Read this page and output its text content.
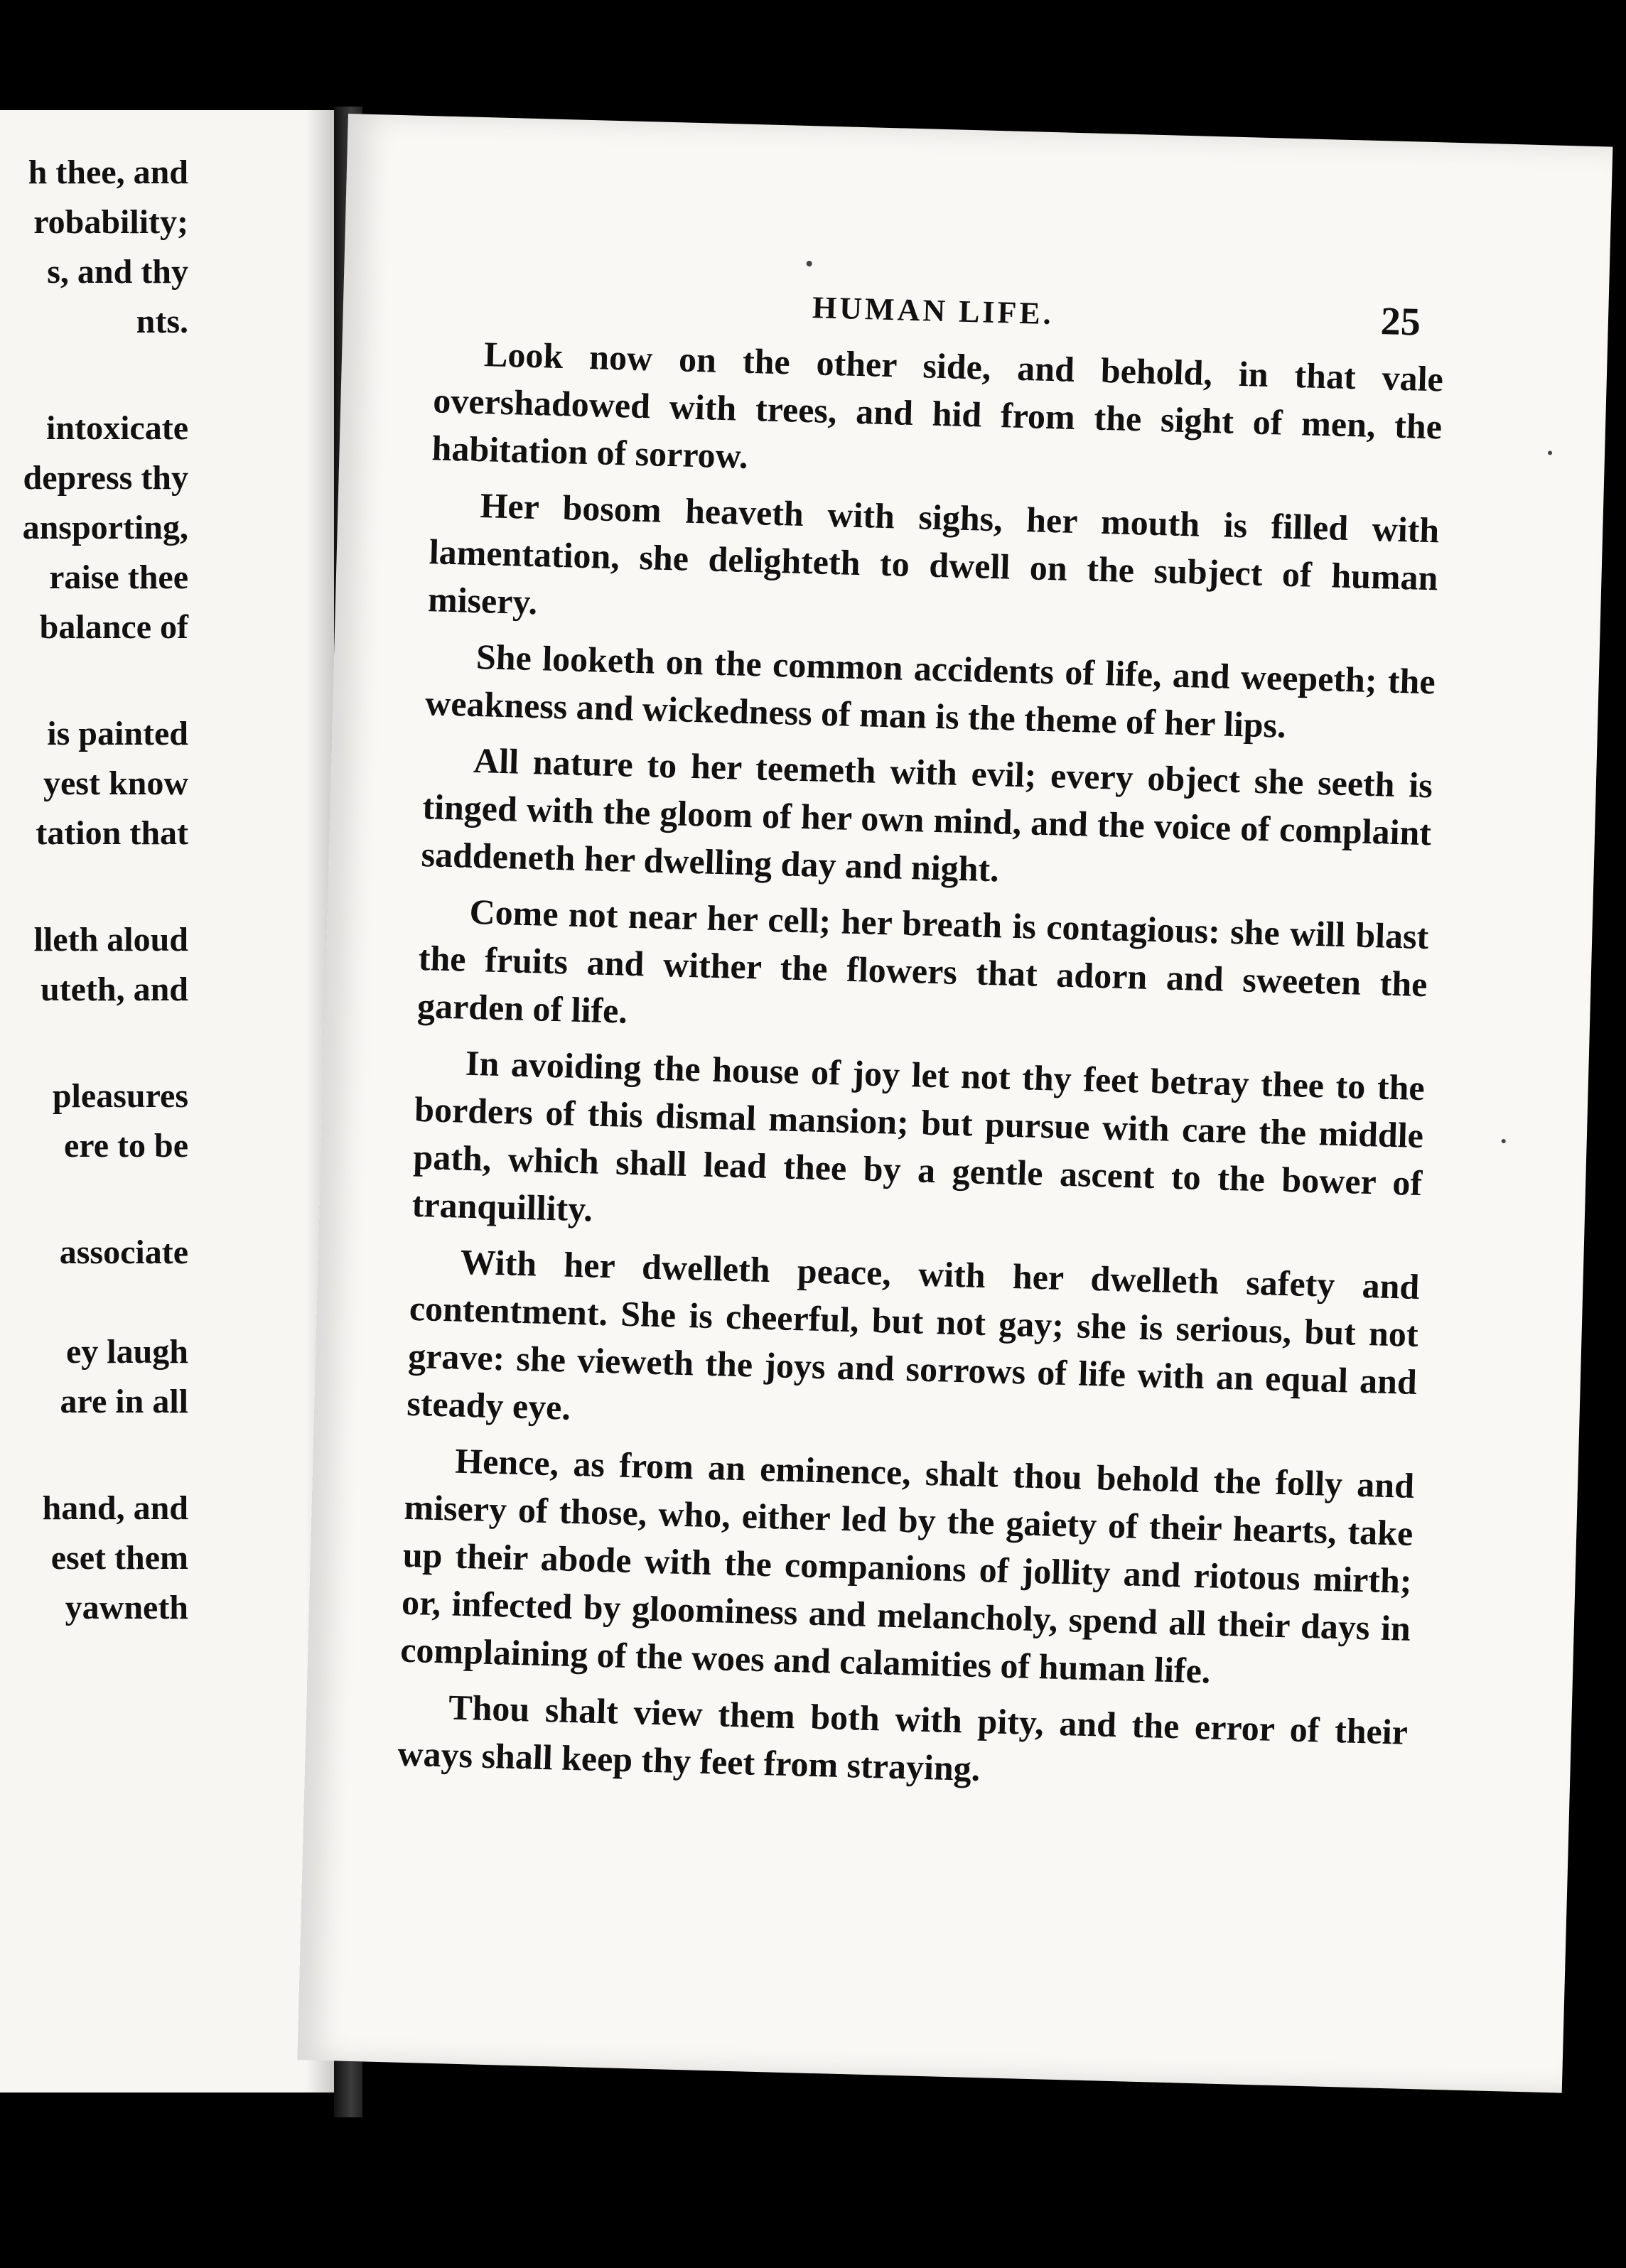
h thee, and
robability;
s, and thy
nts.
intoxicate
depress thy
ansporting,
raise thee
balance of
is painted
yest know
tation that
lleth aloud
uteth, and
pleasures
ere to be
associate
ey laugh
are in all
hand, and
eset them
yawneth
HUMAN LIFE.	25

Look now on the other side, and behold, in that vale overshadowed with trees, and hid from the sight of men, the habitation of sorrow.

Her bosom heaveth with sighs, her mouth is filled with lamentation, she delighteth to dwell on the subject of human misery.

She looketh on the common accidents of life, and weepeth; the weakness and wickedness of man is the theme of her lips.

All nature to her teemeth with evil; every object she seeth is tinged with the gloom of her own mind, and the voice of complaint saddeneth her dwelling day and night.

Come not near her cell; her breath is contagious: she will blast the fruits and wither the flowers that adorn and sweeten the garden of life.

In avoiding the house of joy let not thy feet betray thee to the borders of this dismal mansion; but pursue with care the middle path, which shall lead thee by a gentle ascent to the bower of tranquillity.

With her dwelleth peace, with her dwelleth safety and contentment. She is cheerful, but not gay; she is serious, but not grave: she vieweth the joys and sorrows of life with an equal and steady eye.

Hence, as from an eminence, shalt thou behold the folly and misery of those, who, either led by the gaiety of their hearts, take up their abode with the companions of jollity and riotous mirth; or, infected by gloominess and melancholy, spend all their days in complaining of the woes and calamities of human life.

Thou shalt view them both with pity, and the error of their ways shall keep thy feet from straying.
